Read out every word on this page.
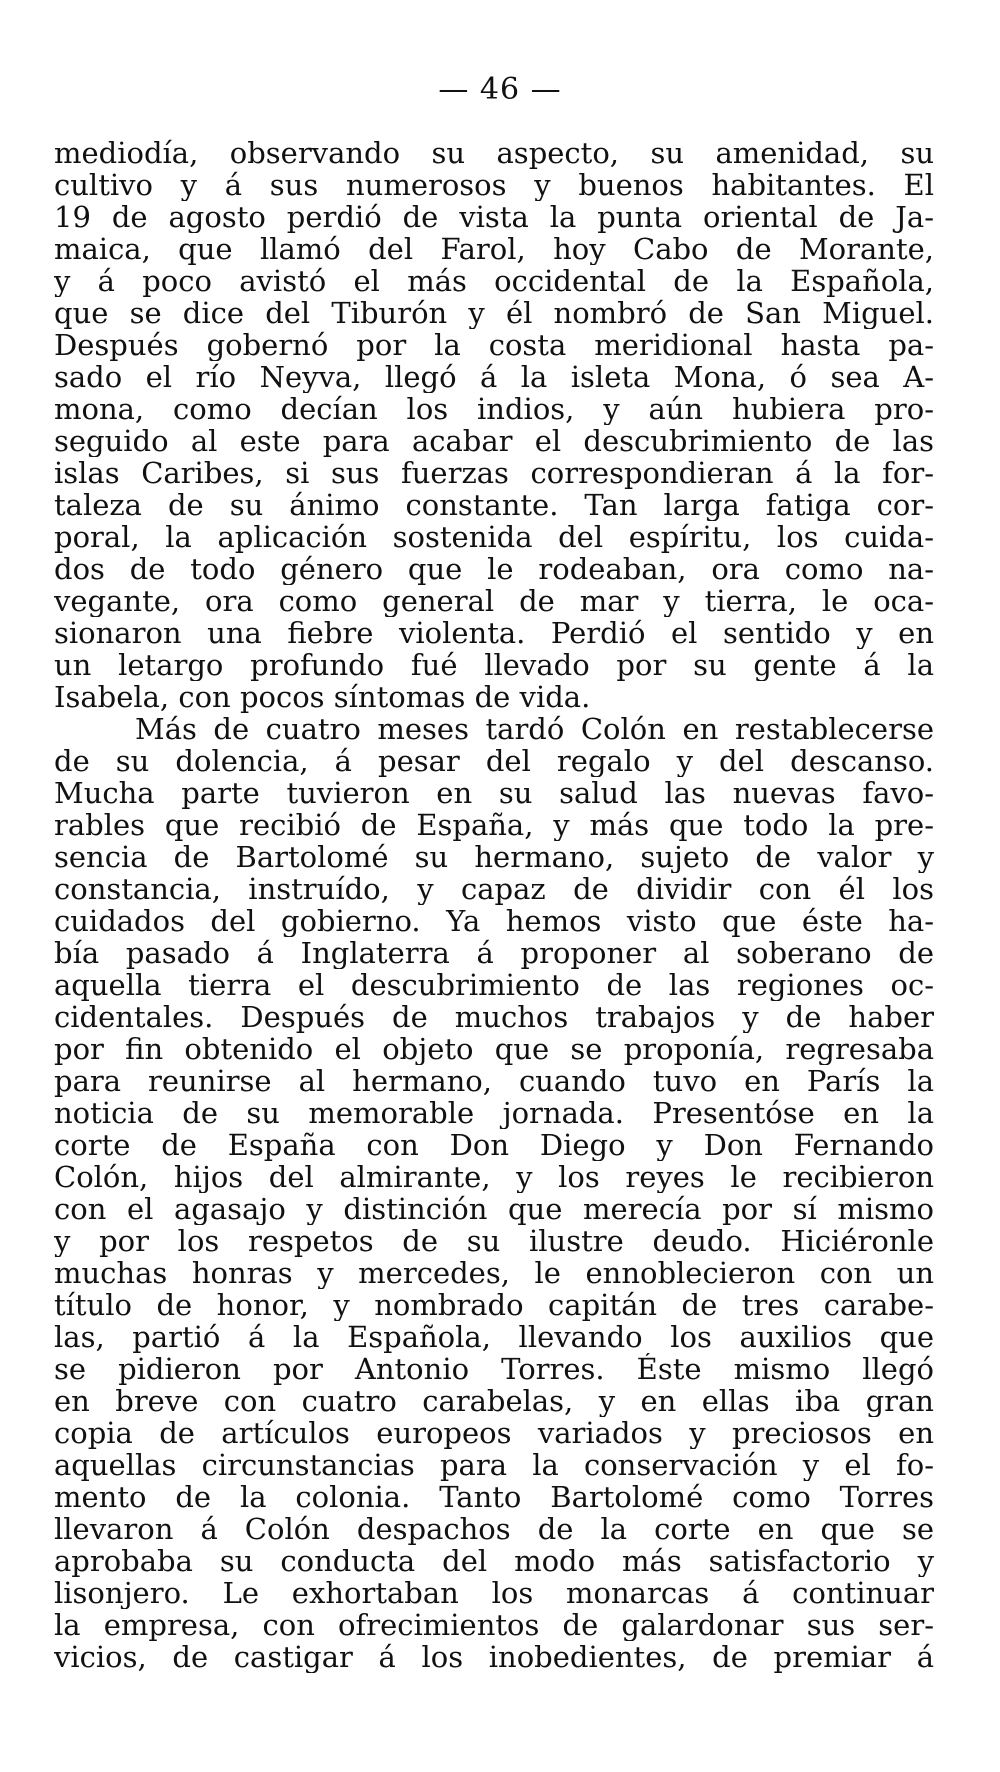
— 46 —
mediodía, observando su aspecto, su amenidad, su
cultivo y á sus numerosos y buenos habitantes. El
19 de agosto perdió de vista la punta oriental de Ja-
maica, que llamó del Farol, hoy Cabo de Morante,
y á poco avistó el más occidental de la Española,
que se dice del Tiburón y él nombró de San Miguel.
Después gobernó por la costa meridional hasta pa-
sado el río Neyva, llegó á la isleta Mona, ó sea A-
mona, como decían los indios, y aún hubiera pro-
seguido al este para acabar el descubrimiento de las
islas Caribes, si sus fuerzas correspondieran á la for-
taleza de su ánimo constante. Tan larga fatiga cor-
poral, la aplicación sostenida del espíritu, los cuida-
dos de todo género que le rodeaban, ora como na-
vegante, ora como general de mar y tierra, le oca-
sionaron una fiebre violenta. Perdió el sentido y en
un letargo profundo fué llevado por su gente á la
Isabela, con pocos síntomas de vida.
Más de cuatro meses tardó Colón en restablecerse
de su dolencia, á pesar del regalo y del descanso.
Mucha parte tuvieron en su salud las nuevas favo-
rables que recibió de España, y más que todo la pre-
sencia de Bartolomé su hermano, sujeto de valor y
constancia, instruído, y capaz de dividir con él los
cuidados del gobierno. Ya hemos visto que éste ha-
bía pasado á Inglaterra á proponer al soberano de
aquella tierra el descubrimiento de las regiones oc-
cidentales. Después de muchos trabajos y de haber
por fin obtenido el objeto que se proponía, regresaba
para reunirse al hermano, cuando tuvo en París la
noticia de su memorable jornada. Presentóse en la
corte de España con Don Diego y Don Fernando
Colón, hijos del almirante, y los reyes le recibieron
con el agasajo y distinción que merecía por sí mismo
y por los respetos de su ilustre deudo. Hiciéronle
muchas honras y mercedes, le ennoblecieron con un
título de honor, y nombrado capitán de tres carabe-
las, partió á la Española, llevando los auxilios que
se pidieron por Antonio Torres. Éste mismo llegó
en breve con cuatro carabelas, y en ellas iba gran
copia de artículos europeos variados y preciosos en
aquellas circunstancias para la conservación y el fo-
mento de la colonia. Tanto Bartolomé como Torres
llevaron á Colón despachos de la corte en que se
aprobaba su conducta del modo más satisfactorio y
lisonjero. Le exhortaban los monarcas á continuar
la empresa, con ofrecimientos de galardonar sus ser-
vicios, de castigar á los inobedientes, de premiar á
